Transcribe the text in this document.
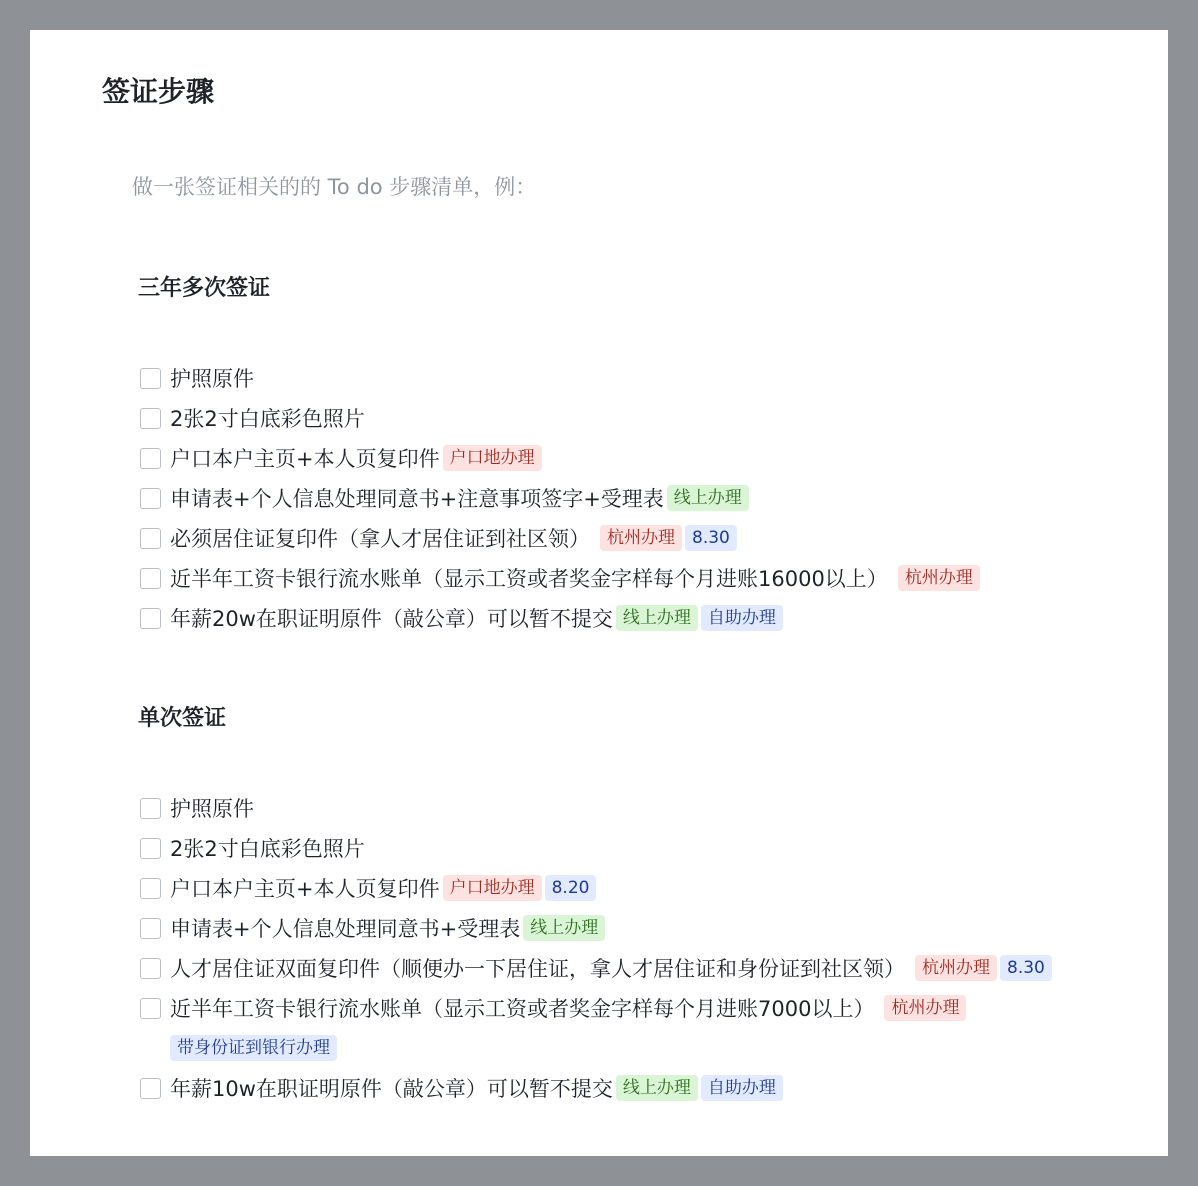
签证步骤
做一张签证相关的的 To do 步骤清单，例：
三年多次签证
护照原件
2张2寸白底彩色照片
户口本户主页+本人页复印件 户口地办理
申请表+个人信息处理同意书+注意事项签字+受理表 线上办理
必须居住证复印件（拿人才居住证到社区领）	杭州办理	8.30
近半年工资卡银行流水账单（显示工资或者奖金字样每个月进账16000以上）	杭州办理
年薪20w在职证明原件（敲公章）可以暂不提交 线上办理	自助办理
单次签证
护照原件
2张2寸白底彩色照片
户口本户主页+本人页复印件 户口地办理	8.20
申请表+个人信息处理同意书+受理表 线上办理
人才居住证双面复印件（顺便办一下居住证，拿人才居住证和身份证到社区领）	杭州办理	8.30
近半年工资卡银行流水账单（显示工资或者奖金字样每个月进账7000以上）	杭州办理
带身份证到银行办理
年薪10w在职证明原件（敲公章）可以暂不提交 线上办理	自助办理
